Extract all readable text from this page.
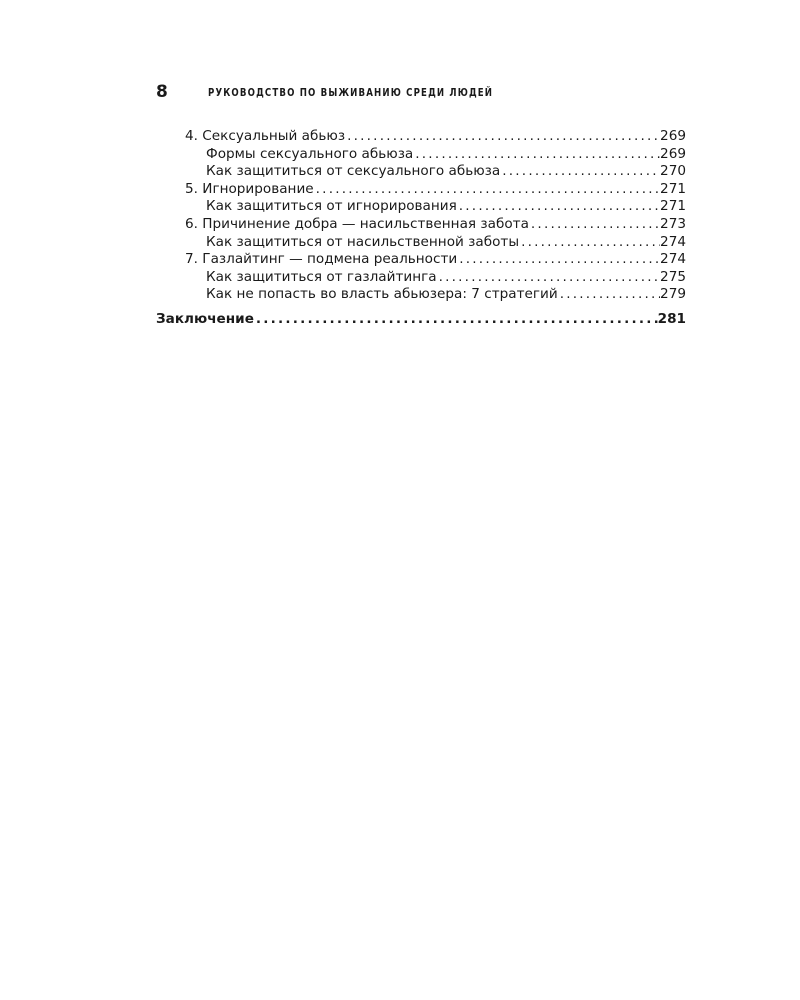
8	РУКОВОДСТВО ПО ВЫЖИВАНИЮ СРЕДИ ЛЮДЕЙ
4. Сексуальный абьюз .....	269
Формы сексуального абьюза .....	269
Как защититься от сексуального абьюза .....	270
5. Игнорирование .....	271
Как защититься от игнорирования .....	271
6. Причинение добра — насильственная забота .....	273
Как защититься от насильственной заботы .....	274
7. Газлайтинг — подмена реальности .....	274
Как защититься от газлайтинга .....	275
Как не попасть во власть абьюзера: 7 стратегий .....	279
Заключение .....	281
